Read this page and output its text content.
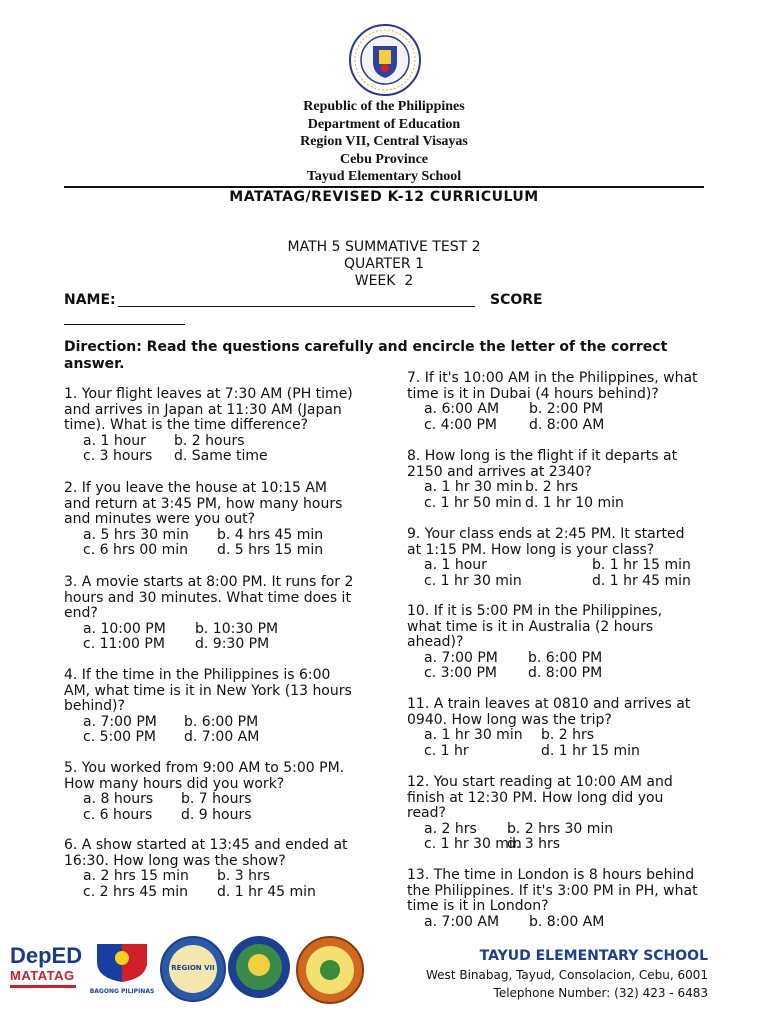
Republic of the Philippines
Department of Education
Region VII, Central Visayas
Cebu Province
Tayud Elementary School
MATATAG/REVISED K-12 CURRICULUM
MATH 5 SUMMATIVE TEST 2
QUARTER 1
WEEK  2
NAME:	SCORE
Direction: Read the questions carefully and encircle the letter of the correct
answer.
1. Your flight leaves at 7:30 AM (PH time)
and arrives in Japan at 11:30 AM (Japan
time). What is the time difference?
a. 1 hour b. 2 hours
c. 3 hours d. Same time
2. If you leave the house at 10:15 AM
and return at 3:45 PM, how many hours
and minutes were you out?
a. 5 hrs 30 min b. 4 hrs 45 min
c. 6 hrs 00 min d. 5 hrs 15 min
3. A movie starts at 8:00 PM. It runs for 2
hours and 30 minutes. What time does it
end?
a. 10:00 PM b. 10:30 PM
c. 11:00 PM d. 9:30 PM
4. If the time in the Philippines is 6:00
AM, what time is it in New York (13 hours
behind)?
a. 7:00 PM b. 6:00 PM
c. 5:00 PM d. 7:00 AM
5. You worked from 9:00 AM to 5:00 PM.
How many hours did you work?
a. 8 hours b. 7 hours
c. 6 hours d. 9 hours
6. A show started at 13:45 and ended at
16:30. How long was the show?
a. 2 hrs 15 min b. 3 hrs
c. 2 hrs 45 min d. 1 hr 45 min
7. If it's 10:00 AM in the Philippines, what
time is it in Dubai (4 hours behind)?
a. 6:00 AM b. 2:00 PM
c. 4:00 PM d. 8:00 AM
8. How long is the flight if it departs at
2150 and arrives at 2340?
a. 1 hr 30 min b. 2 hrs
c. 1 hr 50 min d. 1 hr 10 min
9. Your class ends at 2:45 PM. It started
at 1:15 PM. How long is your class?
a. 1 hour	b. 1 hr 15 min
c. 1 hr 30 min	d. 1 hr 45 min
10. If it is 5:00 PM in the Philippines,
what time is it in Australia (2 hours
ahead)?
a. 7:00 PM b. 6:00 PM
c. 3:00 PM d. 8:00 PM
11. A train leaves at 0810 and arrives at
0940. How long was the trip?
a. 1 hr 30 min b. 2 hrs
c. 1 hr	d. 1 hr 15 min
12. You start reading at 10:00 AM and
finish at 12:30 PM. How long did you
read?
a. 2 hrs b. 2 hrs 30 min
c. 1 hr 30 min
d. 3 hrs
13. The time in London is 8 hours behind
the Philippines. If it's 3:00 PM in PH, what
time is it in London?
a. 7:00 AM b. 8:00 AM
DepED
MATATAG
BAGONG PILIPINAS
REGION VII
TAYUD ELEMENTARY SCHOOL
West Binabag, Tayud, Consolacion, Cebu, 6001
Telephone Number: (32) 423 - 6483
